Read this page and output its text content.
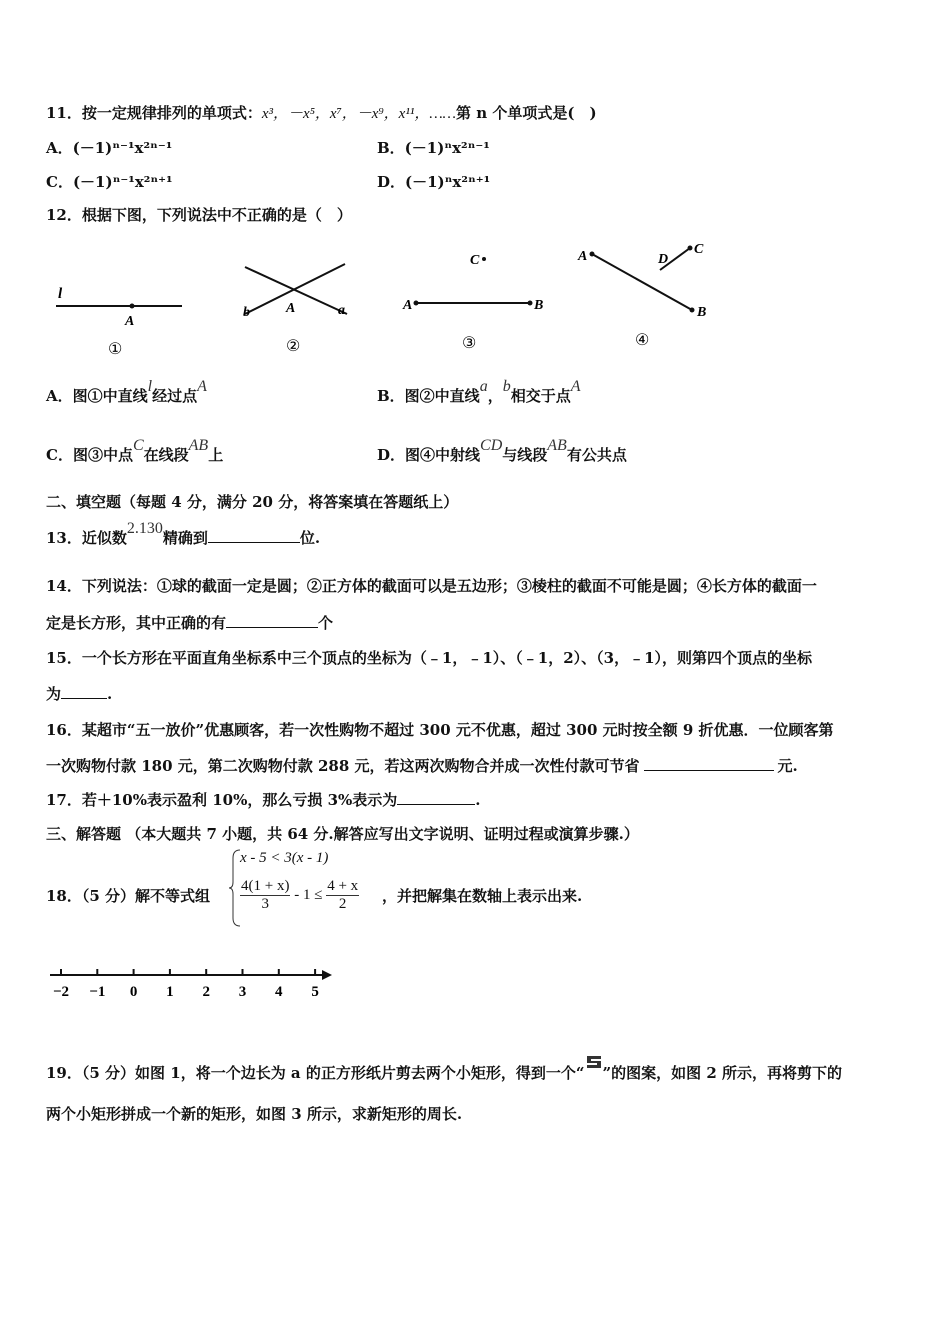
11．按一定规律排列的单项式：x³，－x⁵，x⁷，－x⁹，x¹¹，……第 n 个单项式是(　)
A．(－1)ⁿ⁻¹x²ⁿ⁻¹	B．(－1)ⁿx²ⁿ⁻¹
C．(－1)ⁿ⁻¹x²ⁿ⁺¹	D．(－1)ⁿx²ⁿ⁺¹
12．根据下图，下列说法中不正确的是（　）
l
A
①
b	A	a
②
C
A	B
③
A	D
C
B
④
A．图①中直线l经过点A
B．图②中直线a，b相交于点A
C．图③中点C在线段AB上	D．图④中射线CD与线段AB有公共点
二、填空题（每题 4 分，满分 20 分，将答案填在答题纸上）
13．近似数2.130精确到	位.
14．下列说法：①球的截面一定是圆；②正方体的截面可以是五边形；③棱柱的截面不可能是圆；④长方体的截面一
定是长方形，其中正确的有	个
15．一个长方形在平面直角坐标系中三个顶点的坐标为（﹣1，﹣1）、（﹣1，2）、（3，﹣1），则第四个顶点的坐标
为	.
16．某超市“五一放价”优惠顾客，若一次性购物不超过 300 元不优惠，超过 300 元时按全额 9 折优惠．一位顾客第
一次购物付款 180 元，第二次购物付款 288 元，若这两次购物合并成一次性付款可节省	元.
17．若＋10%表示盈利 10%，那么亏损 3%表示为	.
三、解答题 （本大题共 7 小题，共 64 分.解答应写出文字说明、证明过程或演算步骤.）
18．（5 分）解不等式组
x - 5 < 3(x - 1)
$\frac{4(1 + x)}{3} - 1 \le \frac{4 + x}{2}$ ，并把解集在数轴上表示出来.
−2 −1 0 1 2 3 4 5
19．（5 分）如图 1，将一个边长为 a 的正方形纸片剪去两个小矩形，得到一个“ ”的图案，如图 2 所示，再将剪下的
两个小矩形拼成一个新的矩形，如图 3 所示，求新矩形的周长.
